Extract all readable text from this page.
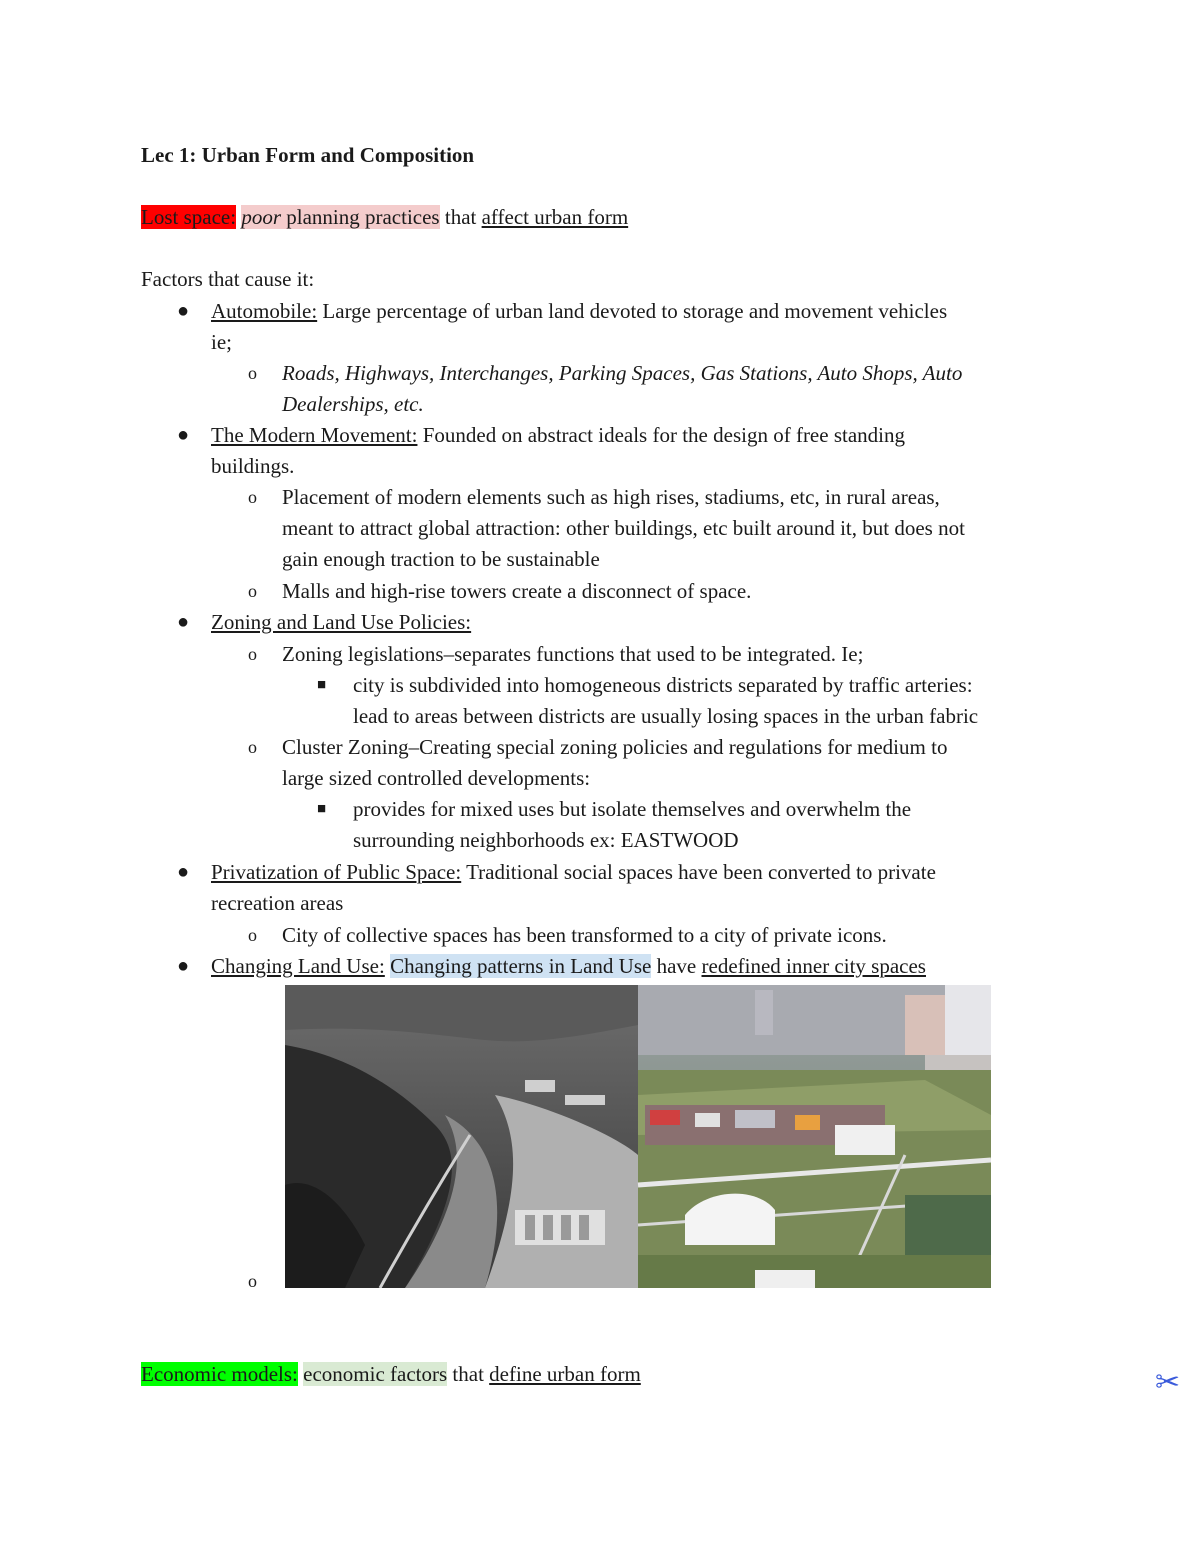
Lec 1: Urban Form and Composition
Lost space: poor planning practices that affect urban form
Factors that cause it:
● Automobile: Large percentage of urban land devoted to storage and movement vehicles
ie;
o Roads, Highways, Interchanges, Parking Spaces, Gas Stations, Auto Shops, Auto
Dealerships, etc.
● The Modern Movement: Founded on abstract ideals for the design of free standing
buildings.
o Placement of modern elements such as high rises, stadiums, etc, in rural areas,
meant to attract global attraction: other buildings, etc built around it, but does not
gain enough traction to be sustainable
o Malls and high-rise towers create a disconnect of space.
● Zoning and Land Use Policies:
o Zoning legislations–separates functions that used to be integrated. Ie;
■ city is subdivided into homogeneous districts separated by traffic arteries:
lead to areas between districts are usually losing spaces in the urban fabric
o Cluster Zoning–Creating special zoning policies and regulations for medium to
large sized controlled developments:
■ provides for mixed uses but isolate themselves and overwhelm the
surrounding neighborhoods ex: EASTWOOD
● Privatization of Public Space: Traditional social spaces have been converted to private
recreation areas
o City of collective spaces has been transformed to a city of private icons.
● Changing Land Use: Changing patterns in Land Use have redefined inner city spaces
o
Economic models: economic factors that define urban form	✂
